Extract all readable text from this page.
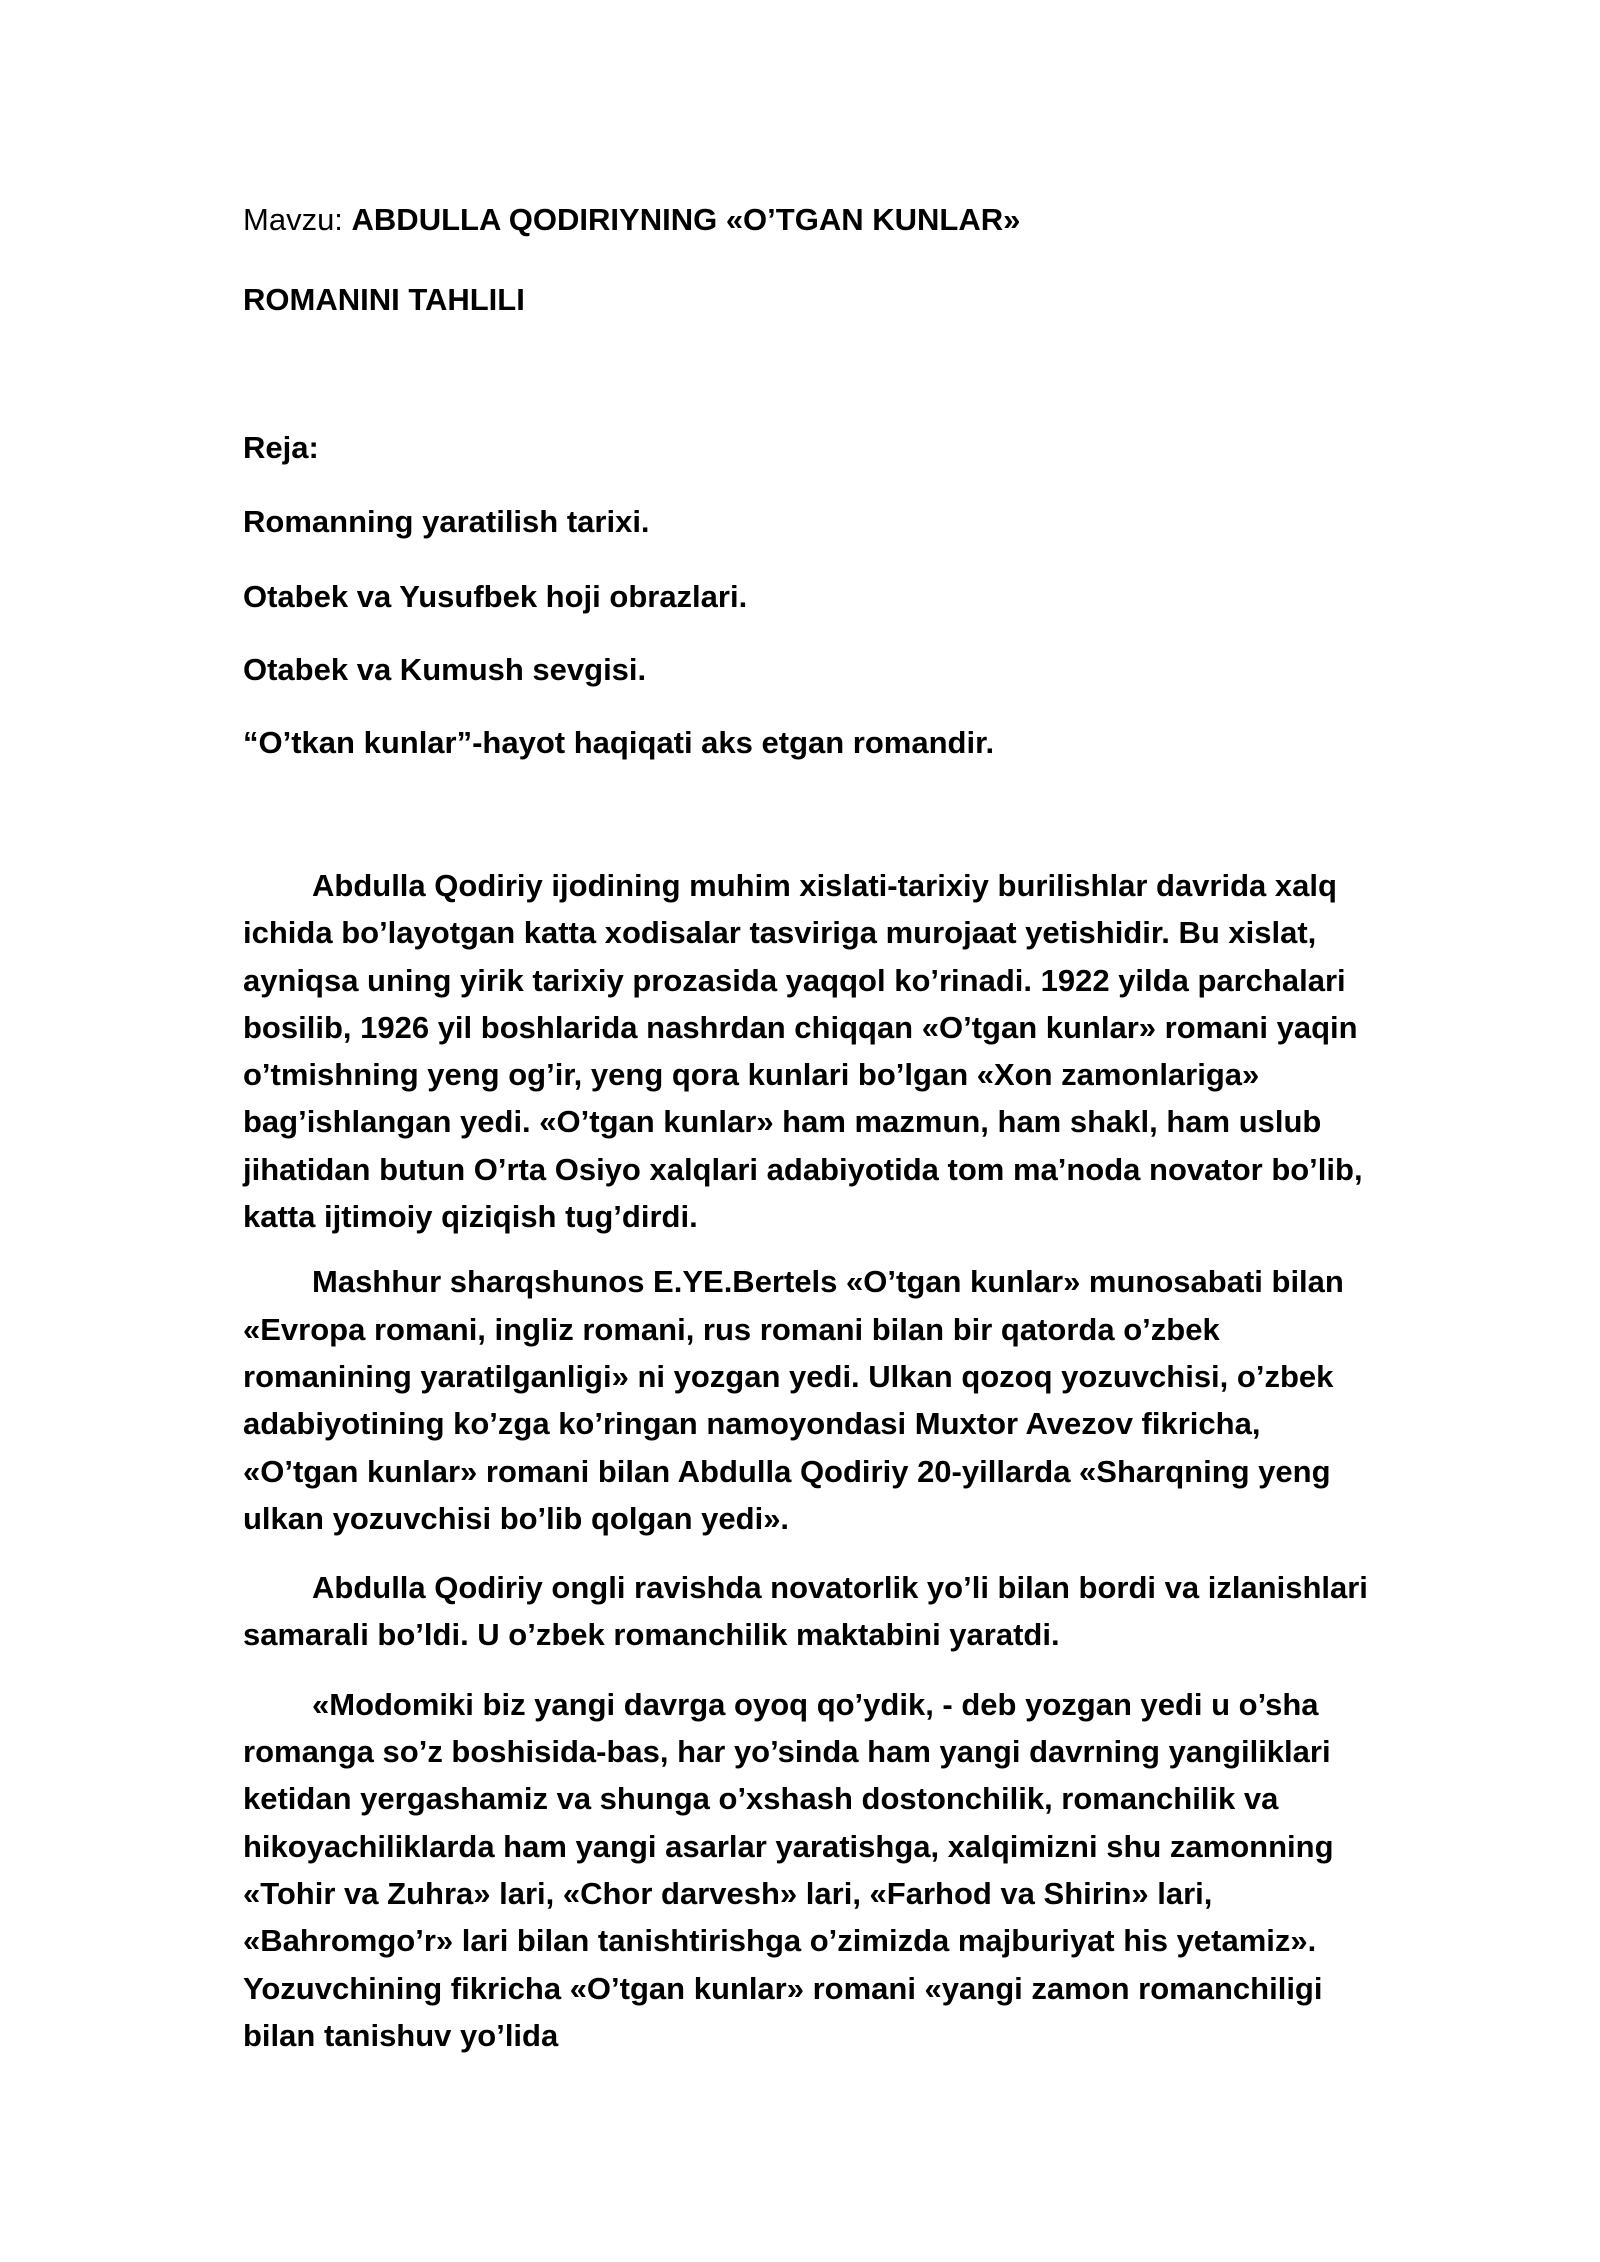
Mavzu: ABDULLA QODIRIYNING «O’TGAN KUNLAR»
ROMANINI TAHLILI
Reja:
Romanning yaratilish tarixi.
Otabek va Yusufbek hoji obrazlari.
Otabek va Kumush sevgisi.
“O’tkan kunlar”-hayot haqiqati aks etgan romandir.

Abdulla Qodiriy ijodining muhim xislati-tarixiy burilishlar davrida xalq ichida bo’layotgan katta xodisalar tasviriga murojaat yetishidir. Bu xislat, ayniqsa uning yirik tarixiy prozasida yaqqol ko’rinadi. 1922 yilda parchalari bosilib, 1926 yil boshlarida nashrdan chiqqan «O’tgan kunlar» romani yaqin o’tmishning yeng og’ir, yeng qora kunlari bo’lgan «Xon zamonlariga» bag’ishlangan yedi. «O’tgan kunlar» ham mazmun, ham shakl, ham uslub jihatidan butun O’rta Osiyo xalqlari adabiyotida tom ma’noda novator bo’lib, katta ijtimoiy qiziqish tug’dirdi.

Mashhur sharqshunos E.YE.Bertels «O’tgan kunlar» munosabati bilan «Evropa romani, ingliz romani, rus romani bilan bir qatorda o’zbek romanining yaratilganligi» ni yozgan yedi. Ulkan qozoq yozuvchisi, o’zbek adabiyotining ko’zga ko’ringan namoyondasi Muxtor Avezov fikricha, «O’tgan kunlar» romani bilan Abdulla Qodiriy 20-yillarda «Sharqning yeng ulkan yozuvchisi bo’lib qolgan yedi».

Abdulla Qodiriy ongli ravishda novatorlik yo’li bilan bordi va izlanishlari samarali bo’ldi. U o’zbek romanchilik maktabini yaratdi.

«Modomiki biz yangi davrga oyoq qo’ydik, - deb yozgan yedi u o’sha romanga so’z boshisida-bas, har yo’sinda ham yangi davrning yangiliklari ketidan yergashamiz va shunga o’xshash dostonchilik, romanchilik va hikoyachiliklarda ham yangi asarlar yaratishga, xalqimizni shu zamonning «Tohir va Zuhra» lari, «Chor darvesh» lari, «Farhod va Shirin» lari, «Bahromgo’r» lari bilan tanishtirishga o’zimizda majburiyat his yetamiz». Yozuvchining fikricha «O’tgan kunlar» romani «yangi zamon romanchiligi bilan tanishuv yo’lida
